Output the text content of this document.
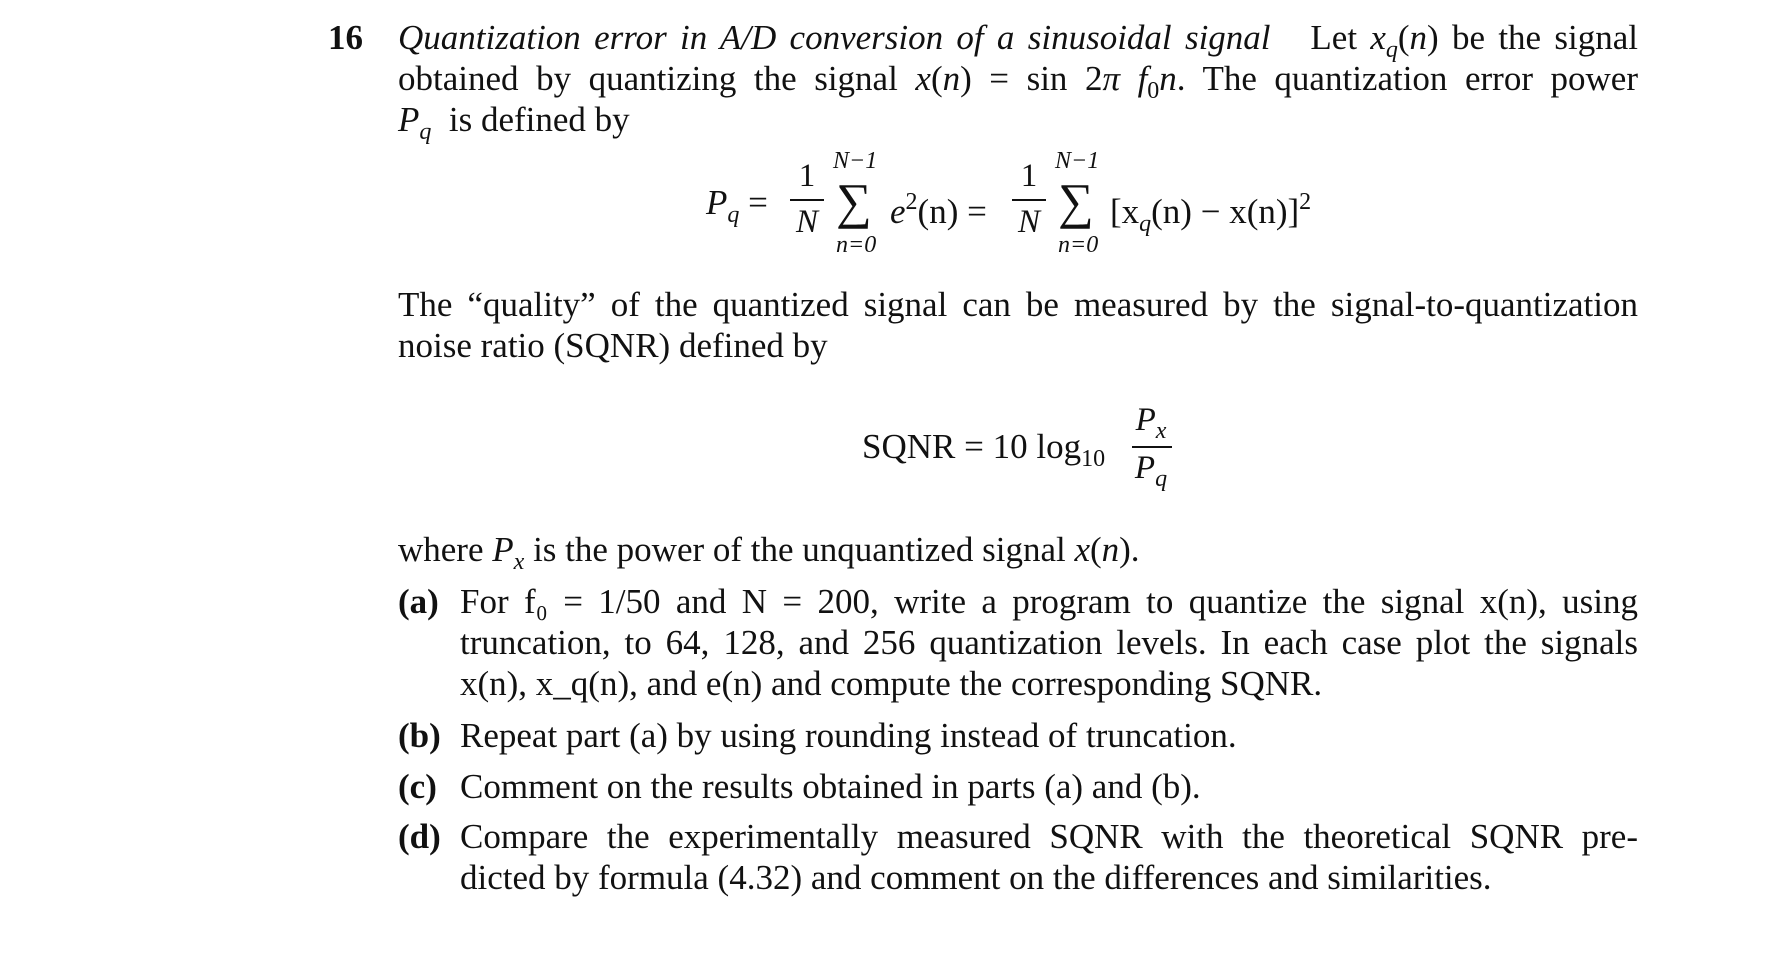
16 Quantization error in A/D conversion of a sinusoidal signal   Let $x_q(n)$ be the signal
obtained by quantizing the signal x(n) = sin 2π $f_0n$. The quantization error power
$P_q$ is defined by
$P_q$ =
1
N
N−1
∑
n=0
$e^2(n)$ =
1
N
N−1
∑
n=0
$[x_q(n) - x(n)]^2$
The “quality” of the quantized signal can be measured by the signal-to-quantization
noise ratio (SQNR) defined by
SQNR = 10 $\log_{10}$
$P_x$
$P_q$
where $P_x$ is the power of the unquantized signal x(n).
(a) For f₀ = 1/50 and N = 200, write a program to quantize the signal x(n), using
truncation, to 64, 128, and 256 quantization levels. In each case plot the signals
x(n), x_q(n), and e(n) and compute the corresponding SQNR.
(b) Repeat part (a) by using rounding instead of truncation.
(c) Comment on the results obtained in parts (a) and (b).
(d) Compare the experimentally measured SQNR with the theoretical SQNR pre-
dicted by formula (4.32) and comment on the differences and similarities.
